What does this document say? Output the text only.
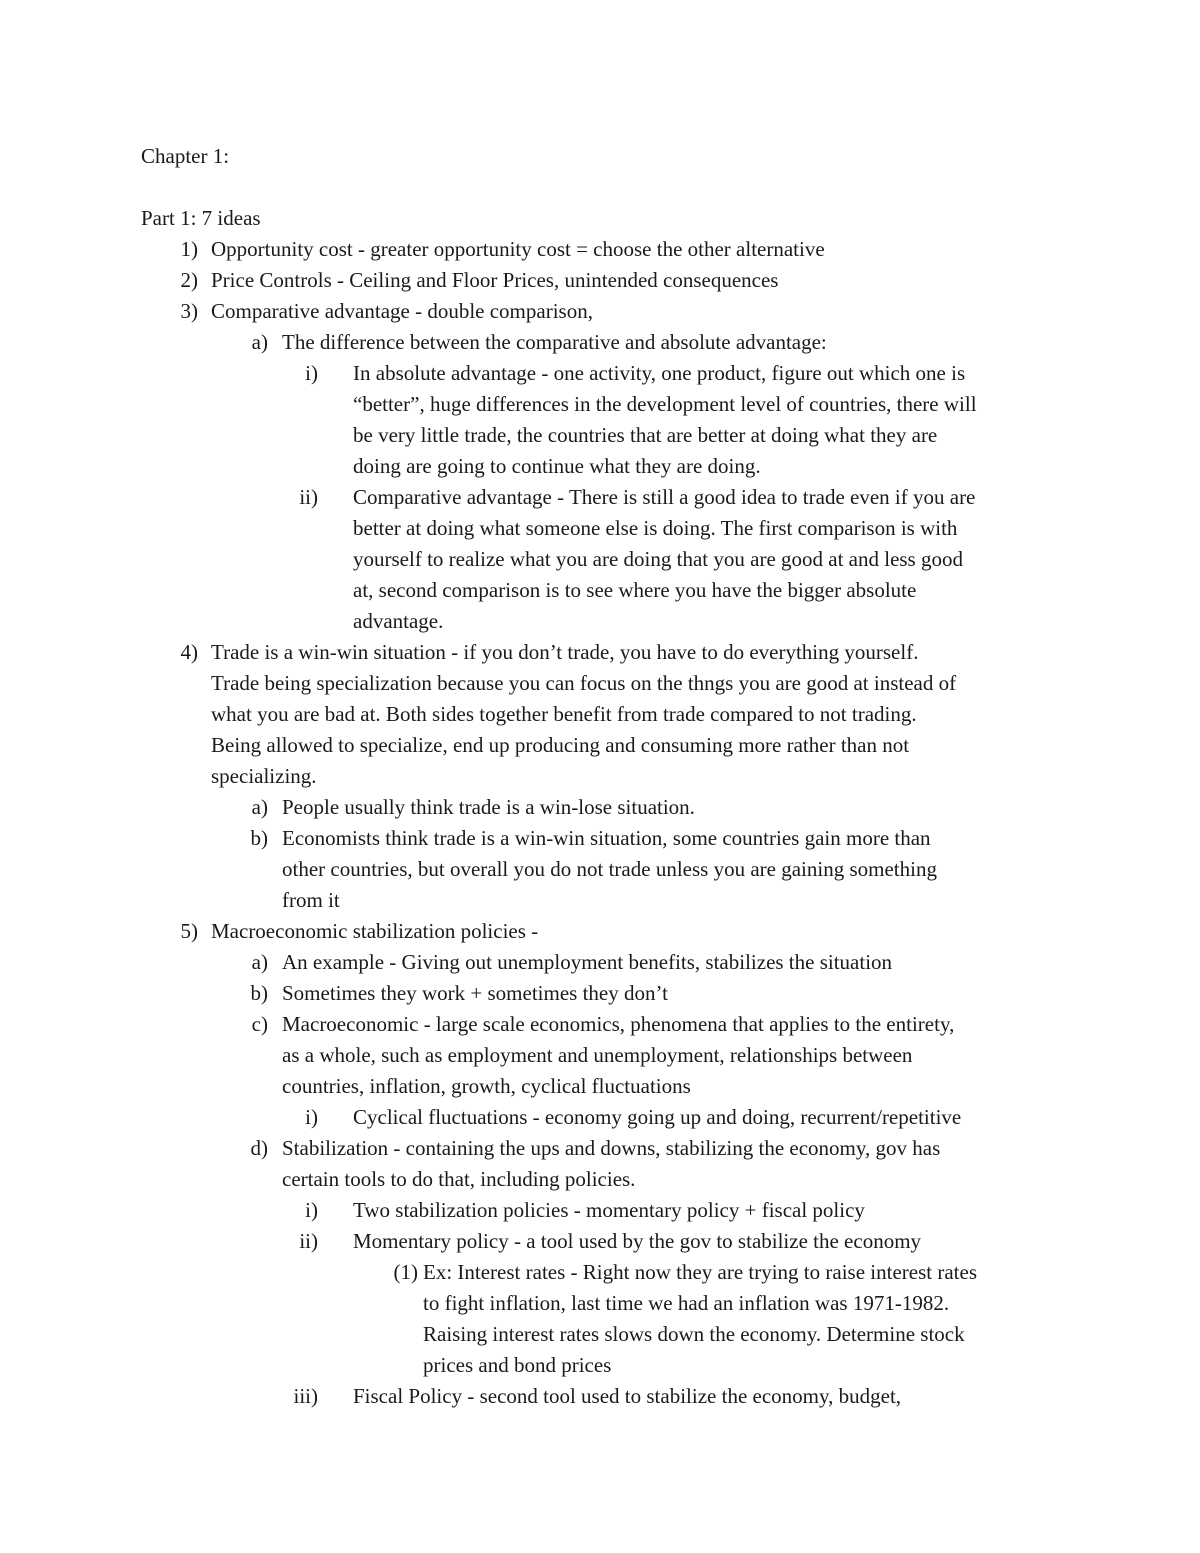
Chapter 1:
Part 1: 7 ideas
1) Opportunity cost - greater opportunity cost = choose the other alternative
2) Price Controls - Ceiling and Floor Prices, unintended consequences
3) Comparative advantage - double comparison,
a) The difference between the comparative and absolute advantage:
i) In absolute advantage - one activity, one product, figure out which one is
“better”, huge differences in the development level of countries, there will
be very little trade, the countries that are better at doing what they are
doing are going to continue what they are doing.
ii) Comparative advantage - There is still a good idea to trade even if you are
better at doing what someone else is doing. The first comparison is with
yourself to realize what you are doing that you are good at and less good
at, second comparison is to see where you have the bigger absolute
advantage.
4) Trade is a win-win situation - if you don’t trade, you have to do everything yourself.
Trade being specialization because you can focus on the thngs you are good at instead of
what you are bad at. Both sides together benefit from trade compared to not trading.
Being allowed to specialize, end up producing and consuming more rather than not
specializing.
a) People usually think trade is a win-lose situation.
b) Economists think trade is a win-win situation, some countries gain more than
other countries, but overall you do not trade unless you are gaining something
from it
5) Macroeconomic stabilization policies -
a) An example - Giving out unemployment benefits, stabilizes the situation
b) Sometimes they work + sometimes they don’t
c) Macroeconomic - large scale economics, phenomena that applies to the entirety,
as a whole, such as employment and unemployment, relationships between
countries, inflation, growth, cyclical fluctuations
i) Cyclical fluctuations - economy going up and doing, recurrent/repetitive
d) Stabilization - containing the ups and downs, stabilizing the economy, gov has
certain tools to do that, including policies.
i) Two stabilization policies - momentary policy + fiscal policy
ii) Momentary policy - a tool used by the gov to stabilize the economy
(1) Ex: Interest rates - Right now they are trying to raise interest rates
to fight inflation, last time we had an inflation was 1971-1982.
Raising interest rates slows down the economy. Determine stock
prices and bond prices
iii) Fiscal Policy - second tool used to stabilize the economy, budget,
